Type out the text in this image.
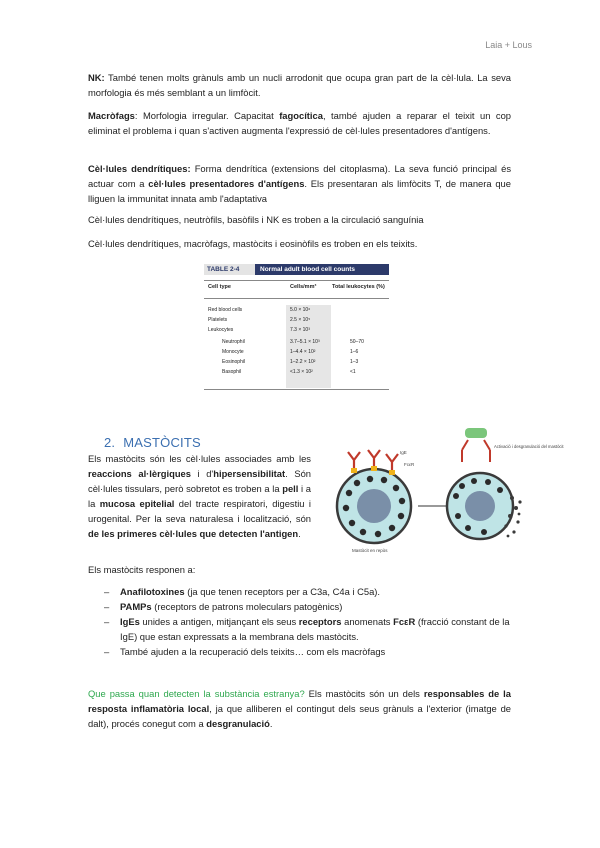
Laia + Lous

NK: També tenen molts grànuls amb un nucli arrodonit que ocupa gran part de la cèl·lula. La seva morfologia és més semblant a un limfòcit.

Macròfags: Morfologia irregular. Capacitat fagocítica, també ajuden a reparar el teixit un cop eliminat el problema i quan s'activen augmenta l'expressió de cèl·lules presentadores d'antígens.

Cèl·lules dendrítiques: Forma dendrítica (extensions del citoplasma). La seva funció principal és actuar com a cèl·lules presentadores d'antígens. Els presentaran als limfòcits T, de manera que lliguen la immunitat innata amb l'adaptativa

Cèl·lules dendrítiques, neutròfils, basòfils i NK es troben a la circulació sanguínia

Cèl·lules dendrítiques, macròfags, mastòcits i eosinòfils es troben en els teixits.

TABLE 2-4	Normal adult blood cell counts
Cell type	Cells/mm³	Total leukocytes (%)
Red blood cells	5.0 × 10⁶
Platelets	2.5 × 10⁵
Leukocytes	7.3 × 10³
Neutrophil	3.7–5.1 × 10³	50–70
Monocyte	1–4.4 × 10²	1–6
Eosinophil	1–2.2 × 10²	1–3
Basophil	<1.3 × 10²	<1
2. MASTÒCITS

Els mastòcits són les cèl·lules associades amb les reaccions al·lèrgiques i d'hipersensibilitat. Són cèl·lules tissulars, però sobretot es troben a la pell i a la mucosa epitelial del tracte respiratori, digestiu i urogenital. Per la seva naturalesa i localització, són de les primeres cèl·lules que detecten l'antigen.

IgE
FcεR
Mastòcit en repòs
Activació i desgranulació del mastòcit

Els mastòcits responen a:

– Anafilotoxines (ja que tenen receptors per a C3a, C4a i C5a).
– PAMPs (receptors de patrons moleculars patogènics)
– IgEs unides a antigen, mitjançant els seus receptors anomenats FcεR (fracció constant de la IgE) que estan expressats a la membrana dels mastòcits.
– També ajuden a la recuperació dels teixits… com els macròfags

Que passa quan detecten la substància estranya? Els mastòcits són un dels responsables de la resposta inflamatòria local, ja que alliberen el contingut dels seus grànuls a l'exterior (imatge de dalt), procés conegut com a desgranulació.
